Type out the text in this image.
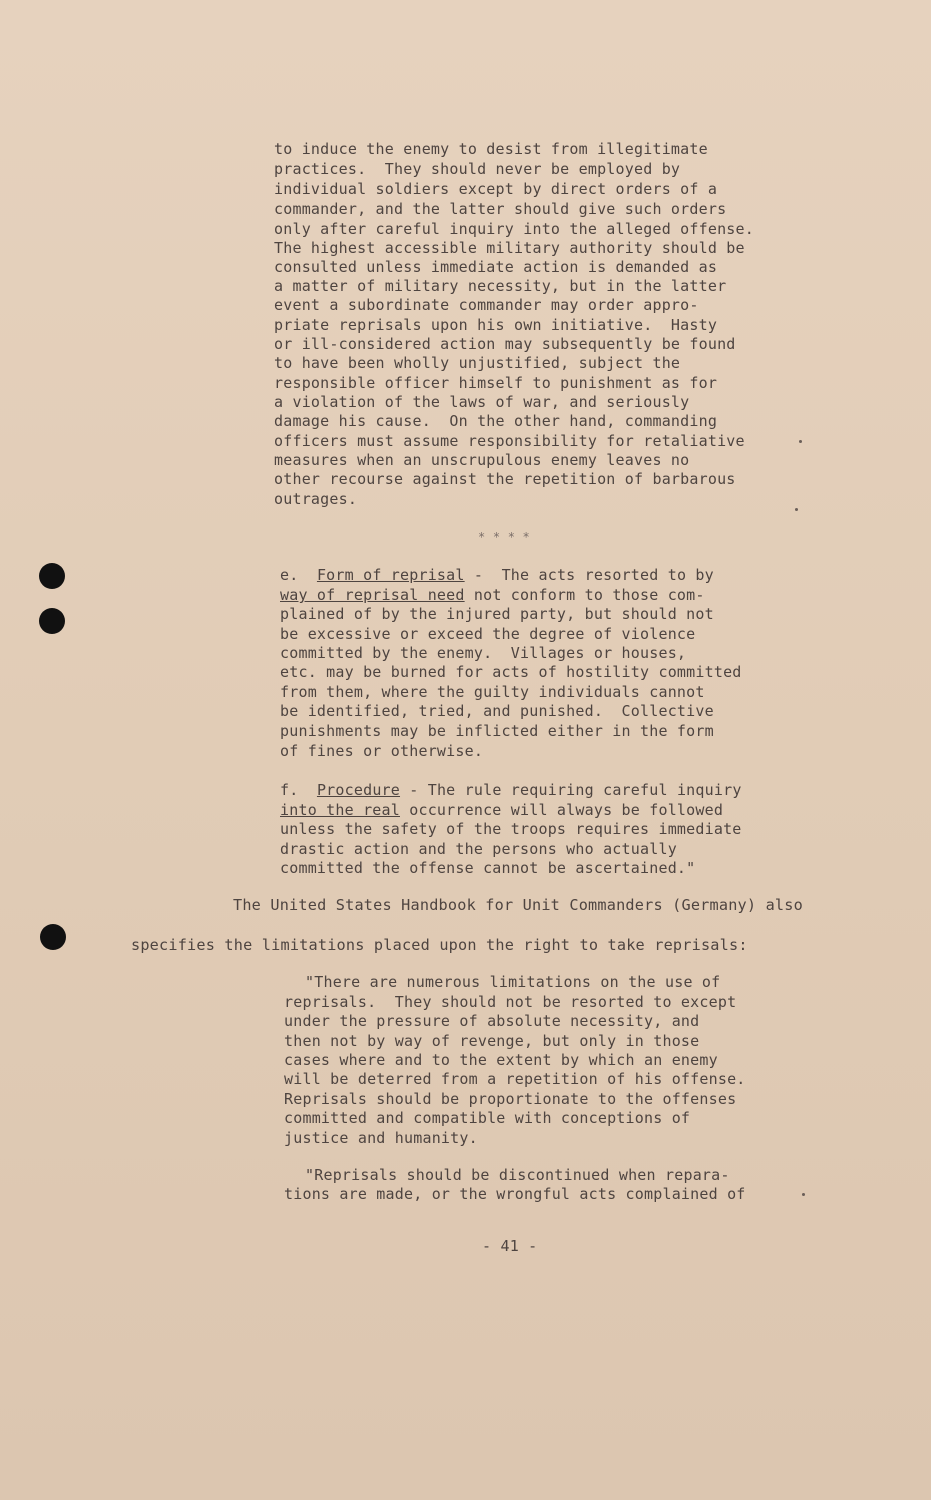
to induce the enemy to desist from illegitimate
practices.  They should never be employed by
individual soldiers except by direct orders of a
commander, and the latter should give such orders
only after careful inquiry into the alleged offense.
The highest accessible military authority should be
consulted unless immediate action is demanded as
a matter of military necessity, but in the latter
event a subordinate commander may order appro-
priate reprisals upon his own initiative.  Hasty
or ill-considered action may subsequently be found
to have been wholly unjustified, subject the
responsible officer himself to punishment as for
a violation of the laws of war, and seriously
damage his cause.  On the other hand, commanding
officers must assume responsibility for retaliative
measures when an unscrupulous enemy leaves no
other recourse against the repetition of barbarous
outrages.
* * * *
e.  Form of reprisal -  The acts resorted to by
way of reprisal need not conform to those com-
plained of by the injured party, but should not
be excessive or exceed the degree of violence
committed by the enemy.  Villages or houses,
etc. may be burned for acts of hostility committed
from them, where the guilty individuals cannot
be identified, tried, and punished.  Collective
punishments may be inflicted either in the form
of fines or otherwise.
f.  Procedure - The rule requiring careful inquiry
into the real occurrence will always be followed
unless the safety of the troops requires immediate
drastic action and the persons who actually
committed the offense cannot be ascertained."
The United States Handbook for Unit Commanders (Germany) also
specifies the limitations placed upon the right to take reprisals:
"There are numerous limitations on the use of
reprisals.  They should not be resorted to except
under the pressure of absolute necessity, and
then not by way of revenge, but only in those
cases where and to the extent by which an enemy
will be deterred from a repetition of his offense.
Reprisals should be proportionate to the offenses
committed and compatible with conceptions of
justice and humanity.
"Reprisals should be discontinued when repara-
tions are made, or the wrongful acts complained of
- 41 -
